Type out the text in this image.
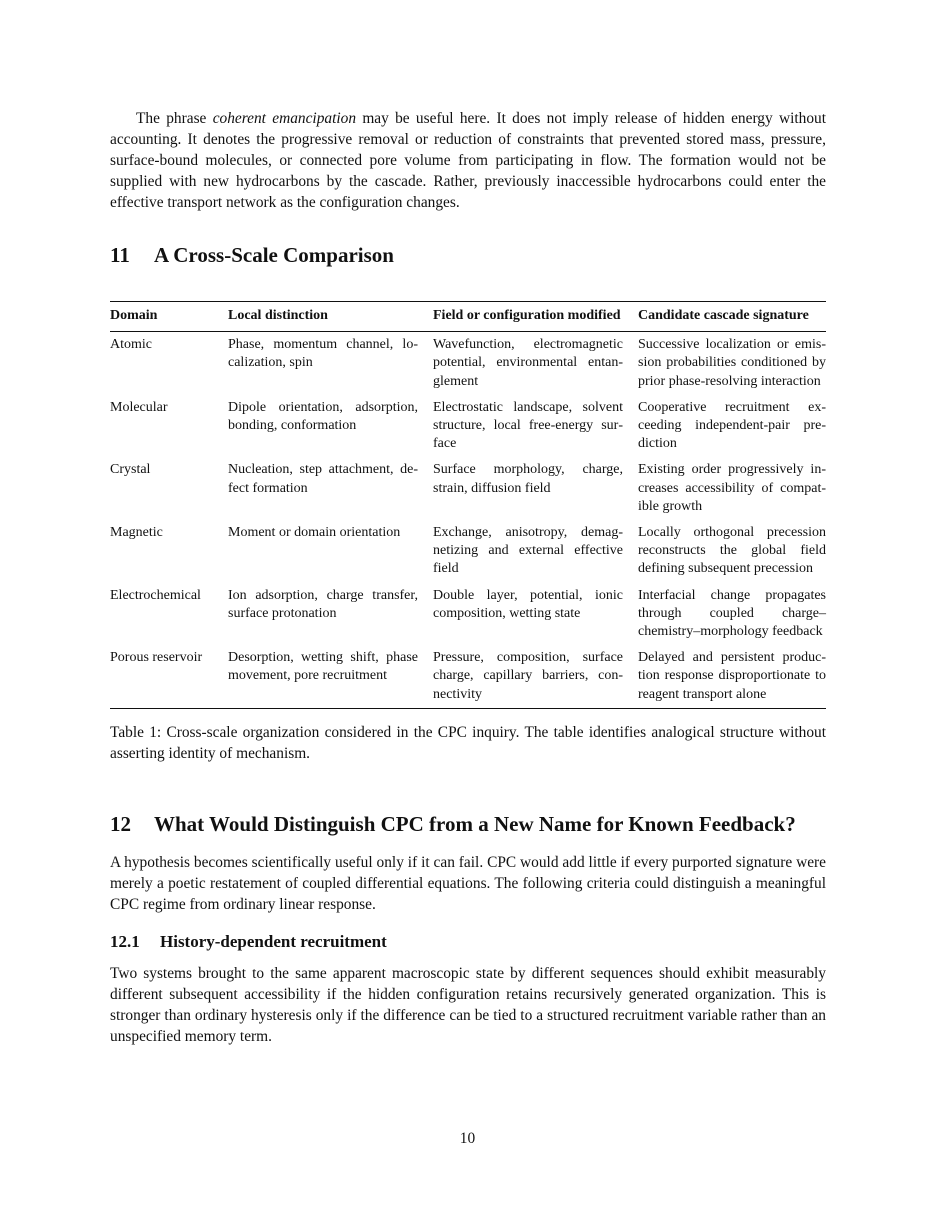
The phrase coherent emancipation may be useful here. It does not imply release of hidden energy without accounting. It denotes the progressive removal or reduction of constraints that prevented stored mass, pressure, surface-bound molecules, or connected pore volume from participating in flow. The formation would not be supplied with new hydrocarbons by the cascade. Rather, previously inaccessible hydrocarbons could enter the effective transport network as the configuration changes.

11 A Cross-Scale Comparison
Domain	Local distinction	Field or configuration modified	Candidate cascade signature

Atomic	Phase, momentum channel, localization, spin	Wavefunction, electromagnetic potential, environmental entanglement	Successive localization or emission probabilities conditioned by prior phase-resolving interaction

Molecular	Dipole orientation, adsorption, bonding, conformation	Electrostatic landscape, solvent structure, local free-energy surface	Cooperative recruitment exceeding independent-pair prediction

Crystal	Nucleation, step attachment, defect formation	Surface morphology, charge, strain, diffusion field	Existing order progressively increases accessibility of compatible growth

Magnetic	Moment or domain orientation	Exchange, anisotropy, demagnetizing and external effective field	Locally orthogonal precession reconstructs the global field defining subsequent precession

Electrochemical	Ion adsorption, charge transfer, surface protonation	Double layer, potential, ionic composition, wetting state	Interfacial change propagates through coupled charge–chemistry–morphology feedback

Porous reservoir	Desorption, wetting shift, phase movement, pore recruitment	Pressure, composition, surface charge, capillary barriers, connectivity	Delayed and persistent production response disproportionate to reagent transport alone

Table 1: Cross-scale organization considered in the CPC inquiry. The table identifies analogical structure without asserting identity of mechanism.

12 What Would Distinguish CPC from a New Name for Known Feedback?

A hypothesis becomes scientifically useful only if it can fail. CPC would add little if every purported signature were merely a poetic restatement of coupled differential equations. The following criteria could distinguish a meaningful CPC regime from ordinary linear response.

12.1 History-dependent recruitment

Two systems brought to the same apparent macroscopic state by different sequences should exhibit measurably different subsequent accessibility if the hidden configuration retains recursively generated organization. This is stronger than ordinary hysteresis only if the difference can be tied to a structured recruitment variable rather than an unspecified memory term.

10
